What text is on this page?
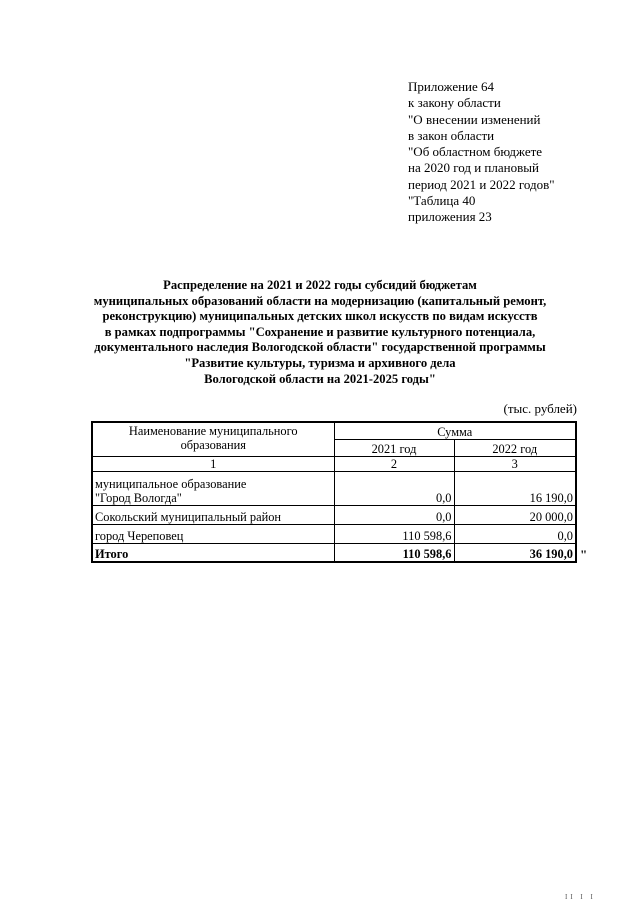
Приложение 64
к закону области
"О внесении изменений
в закон области
"Об областном бюджете
на 2020 год и плановый
период 2021 и 2022 годов"
"Таблица 40
приложения 23
Распределение на 2021 и 2022 годы субсидий бюджетам
муниципальных образований области на модернизацию (капитальный ремонт,
реконструкцию) муниципальных детских школ искусств по видам искусств
в рамках подпрограммы "Сохранение и развитие культурного потенциала,
документального наследия Вологодской области" государственной программы
"Развитие культуры, туризма и архивного дела
Вологодской области на 2021-2025 годы"
(тыс. рублей)
Наименование муниципального образования	Сумма	
	2021 год	2022 год
1	2	3

муниципальное образование
"Город Вологда"	0,0	16 190,0
Сокольский муниципальный район	0,0	20 000,0
город Череповец	110 598,6	0,0
Итого	110 598,6	36 190,0 "
II I I
